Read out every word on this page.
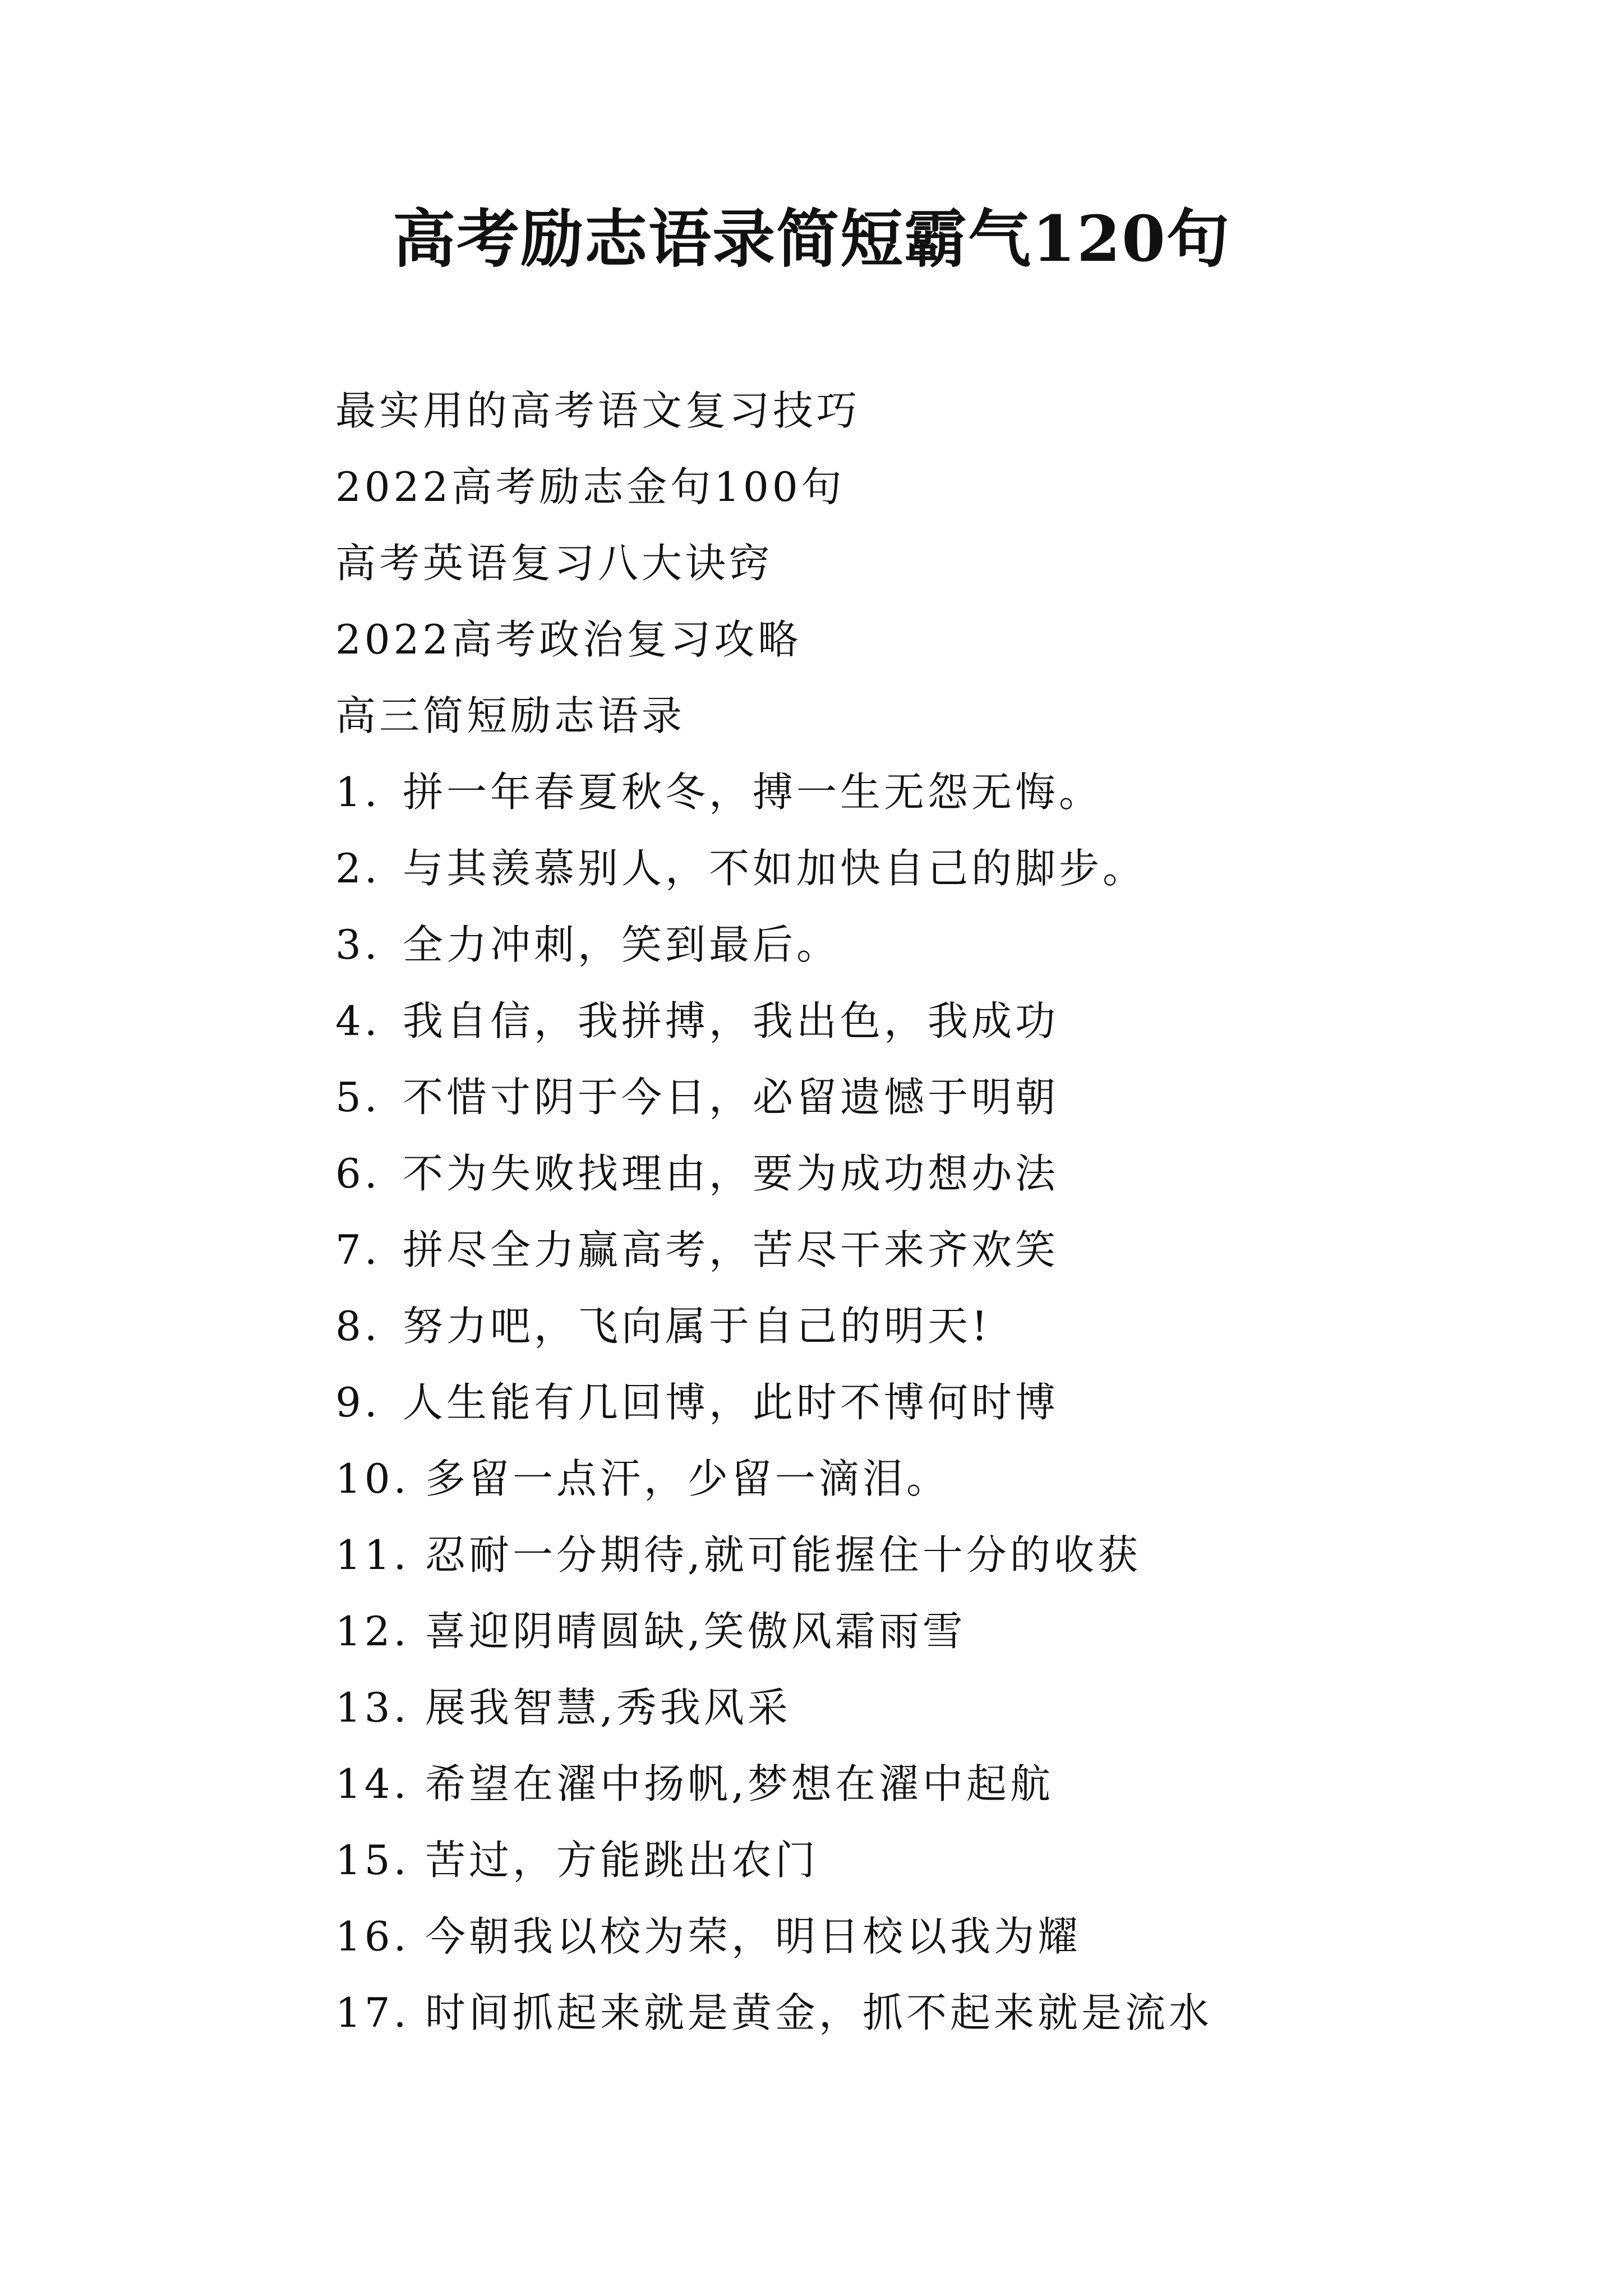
高考励志语录简短霸气120句
最实用的高考语文复习技巧
2022高考励志金句100句
高考英语复习八大诀窍
2022高考政治复习攻略
高三简短励志语录
1. 拼一年春夏秋冬，搏一生无怨无悔。
2. 与其羡慕别人，不如加快自己的脚步。
3. 全力冲刺，笑到最后。
4. 我自信，我拼搏，我出色，我成功
5. 不惜寸阴于今日，必留遗憾于明朝
6. 不为失败找理由，要为成功想办法
7. 拼尽全力赢高考，苦尽干来齐欢笑
8. 努力吧，飞向属于自己的明天!
9. 人生能有几回博，此时不博何时博
10. 多留一点汗，少留一滴泪。
11. 忍耐一分期待,就可能握住十分的收获
12. 喜迎阴晴圆缺,笑傲风霜雨雪
13. 展我智慧,秀我风采
14. 希望在濯中扬帆,梦想在濯中起航
15. 苦过，方能跳出农门
16. 今朝我以校为荣，明日校以我为耀
17. 时间抓起来就是黄金，抓不起来就是流水
